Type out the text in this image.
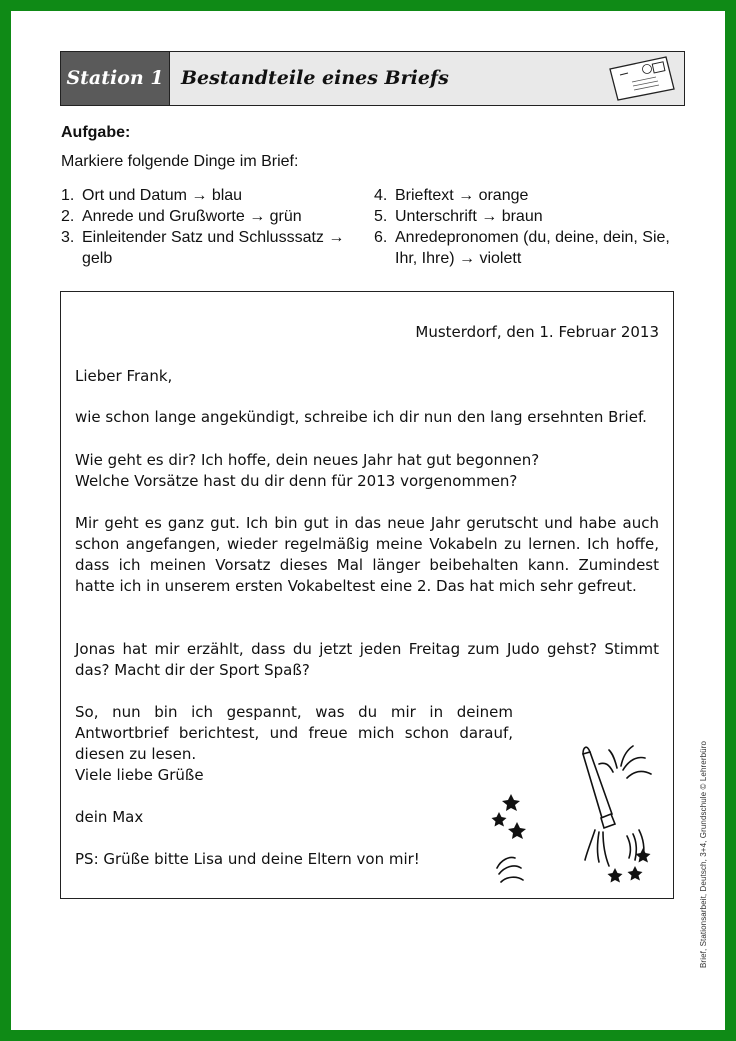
Station 1 Bestandteile eines Briefs
Aufgabe:
Markiere folgende Dinge im Brief:
1. Ort und Datum → blau
2. Anrede und Grußworte → grün
3. Einleitender Satz und Schlusssatz → gelb
4. Brieftext → orange
5. Unterschrift → braun
6. Anredepronomen (du, deine, dein, Sie, Ihr, Ihre) → violett

Musterdorf, den 1. Februar 2013

Lieber Frank,

wie schon lange angekündigt, schreibe ich dir nun den lang ersehnten Brief.

Wie geht es dir? Ich hoffe, dein neues Jahr hat gut begonnen?

Welche Vorsätze hast du dir denn für 2013 vorgenommen?

Mir geht es ganz gut. Ich bin gut in das neue Jahr gerutscht und habe auch schon angefangen, wieder regelmäßig meine Vokabeln zu lernen. Ich hoffe, dass ich meinen Vorsatz dieses Mal länger beibehalten kann. Zumindest hatte ich in unserem ersten Vokabeltest eine 2. Das hat mich sehr gefreut.

Jonas hat mir erzählt, dass du jetzt jeden Freitag zum Judo gehst? Stimmt das? Macht dir der Sport Spaß?

So, nun bin ich gespannt, was du mir in deinem Antwortbrief berichtest, und freue mich schon darauf, diesen zu lesen.

Viele liebe Grüße

dein Max

PS: Grüße bitte Lisa und deine Eltern von mir!	Brief, Stationsarbeit, Deutsch, 3+4, Grundschule © Lehrerbüro
